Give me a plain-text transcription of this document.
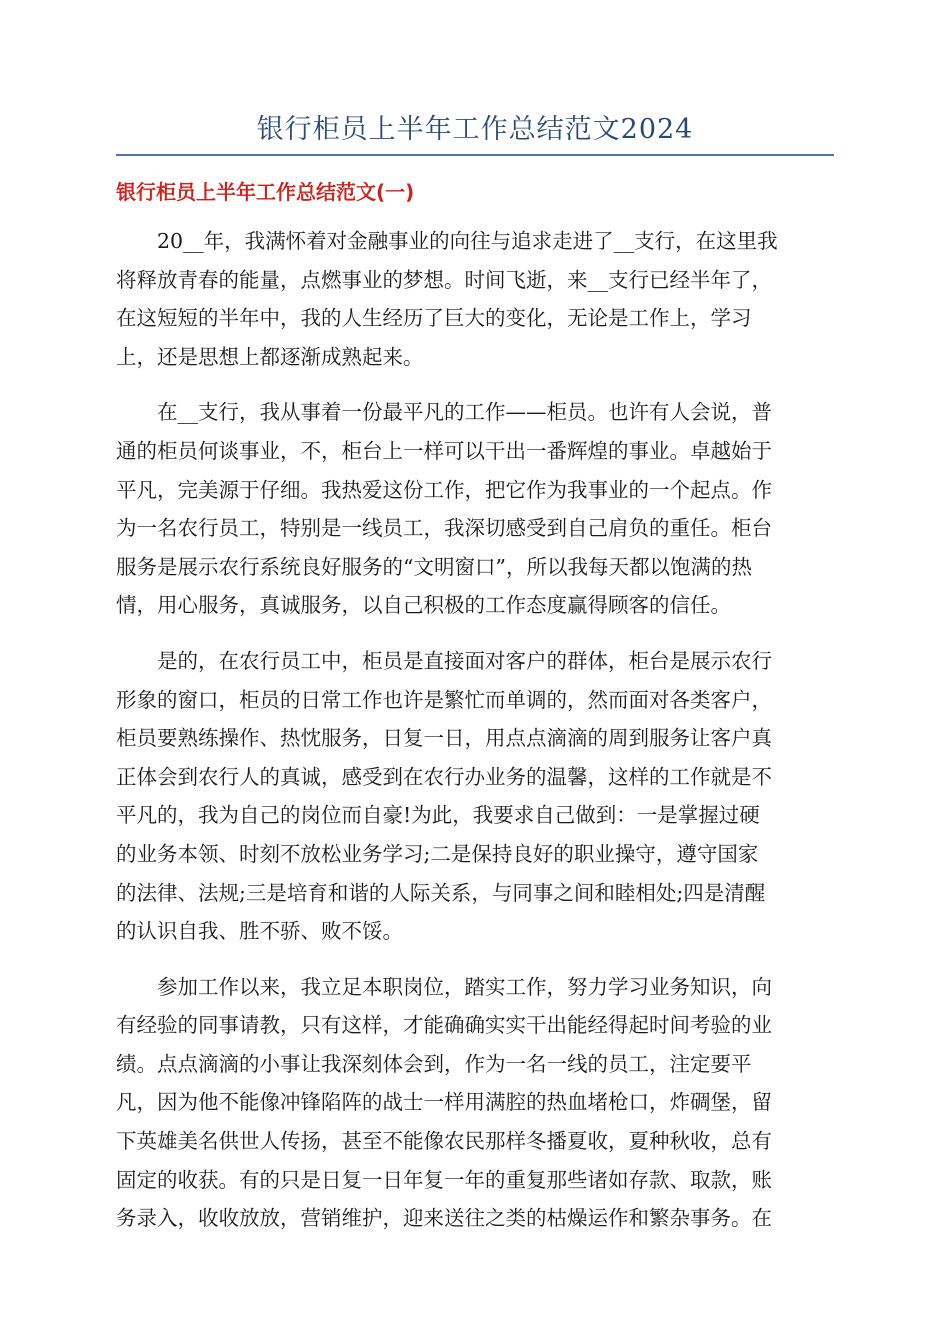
银行柜员上半年工作总结范文2024
银行柜员上半年工作总结范文(一)
20__年，我满怀着对金融事业的向往与追求走进了__支行，在这里我
将释放青春的能量，点燃事业的梦想。时间飞逝，来__支行已经半年了，
在这短短的半年中，我的人生经历了巨大的变化，无论是工作上，学习
上，还是思想上都逐渐成熟起来。
在__支行，我从事着一份最平凡的工作——柜员。也许有人会说，普
通的柜员何谈事业，不，柜台上一样可以干出一番辉煌的事业。卓越始于
平凡，完美源于仔细。我热爱这份工作，把它作为我事业的一个起点。作
为一名农行员工，特别是一线员工，我深切感受到自己肩负的重任。柜台
服务是展示农行系统良好服务的“文明窗口”，所以我每天都以饱满的热
情，用心服务，真诚服务，以自己积极的工作态度赢得顾客的信任。
是的，在农行员工中，柜员是直接面对客户的群体，柜台是展示农行
形象的窗口，柜员的日常工作也许是繁忙而单调的，然而面对各类客户，
柜员要熟练操作、热忱服务，日复一日，用点点滴滴的周到服务让客户真
正体会到农行人的真诚，感受到在农行办业务的温馨，这样的工作就是不
平凡的，我为自己的岗位而自豪!为此，我要求自己做到：一是掌握过硬
的业务本领、时刻不放松业务学习;二是保持良好的职业操守，遵守国家
的法律、法规;三是培育和谐的人际关系，与同事之间和睦相处;四是清醒
的认识自我、胜不骄、败不馁。
参加工作以来，我立足本职岗位，踏实工作，努力学习业务知识，向
有经验的同事请教，只有这样，才能确确实实干出能经得起时间考验的业
绩。点点滴滴的小事让我深刻体会到，作为一名一线的员工，注定要平
凡，因为他不能像冲锋陷阵的战士一样用满腔的热血堵枪口，炸碉堡，留
下英雄美名供世人传扬，甚至不能像农民那样冬播夏收，夏种秋收，总有
固定的收获。有的只是日复一日年复一年的重复那些诸如存款、取款，账
务录入，收收放放，营销维护，迎来送往之类的枯燥运作和繁杂事务。在
